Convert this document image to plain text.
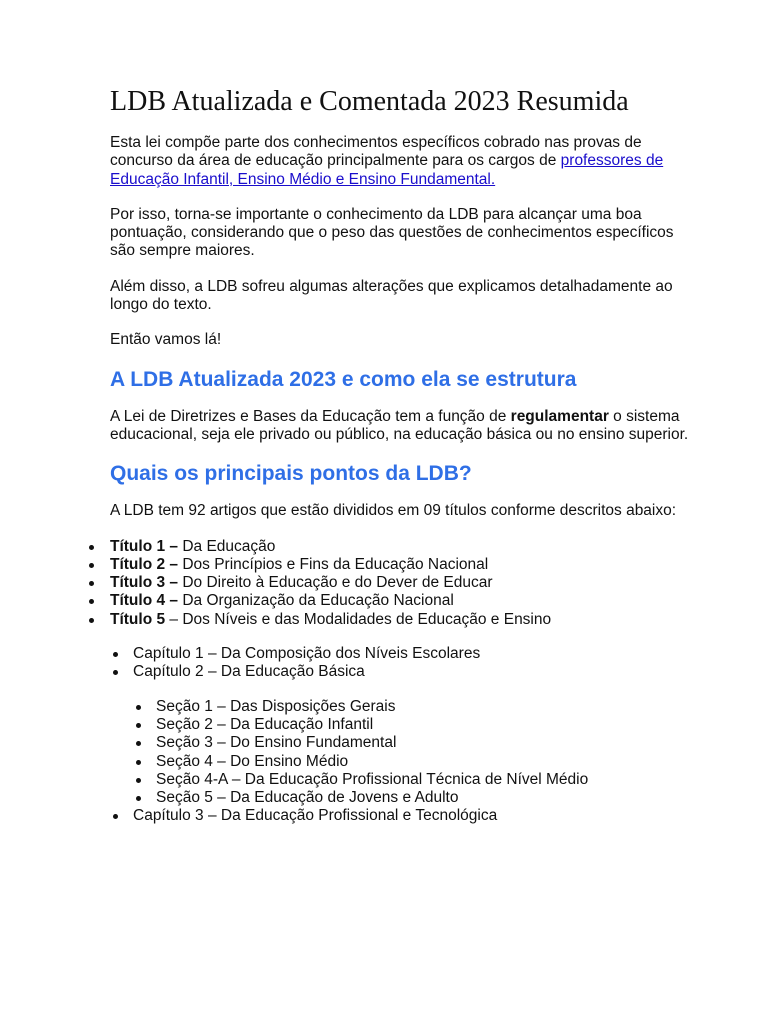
LDB Atualizada e Comentada 2023 Resumida

Esta lei compõe parte dos conhecimentos específicos cobrado nas provas de concurso da área de educação principalmente para os cargos de professores de Educação Infantil, Ensino Médio e Ensino Fundamental.

Por isso, torna-se importante o conhecimento da LDB para alcançar uma boa pontuação, considerando que o peso das questões de conhecimentos específicos são sempre maiores.

Além disso, a LDB sofreu algumas alterações que explicamos detalhadamente ao longo do texto.

Então vamos lá!

A LDB Atualizada 2023 e como ela se estrutura

A Lei de Diretrizes e Bases da Educação tem a função de regulamentar o sistema educacional, seja ele privado ou público, na educação básica ou no ensino superior.

Quais os principais pontos da LDB?

A LDB tem 92 artigos que estão divididos em 09 títulos conforme descritos abaixo:

Título 1 – Da Educação
Título 2 – Dos Princípios e Fins da Educação Nacional
Título 3 – Do Direito à Educação e do Dever de Educar
Título 4 – Da Organização da Educação Nacional
Título 5 – Dos Níveis e das Modalidades de Educação e Ensino
Capítulo 1 – Da Composição dos Níveis Escolares
Capítulo 2 – Da Educação Básica
Seção 1 – Das Disposições Gerais
Seção 2 – Da Educação Infantil
Seção 3 – Do Ensino Fundamental
Seção 4 – Do Ensino Médio
Seção 4-A – Da Educação Profissional Técnica de Nível Médio
Seção 5 – Da Educação de Jovens e Adulto
Capítulo 3 – Da Educação Profissional e Tecnológica
